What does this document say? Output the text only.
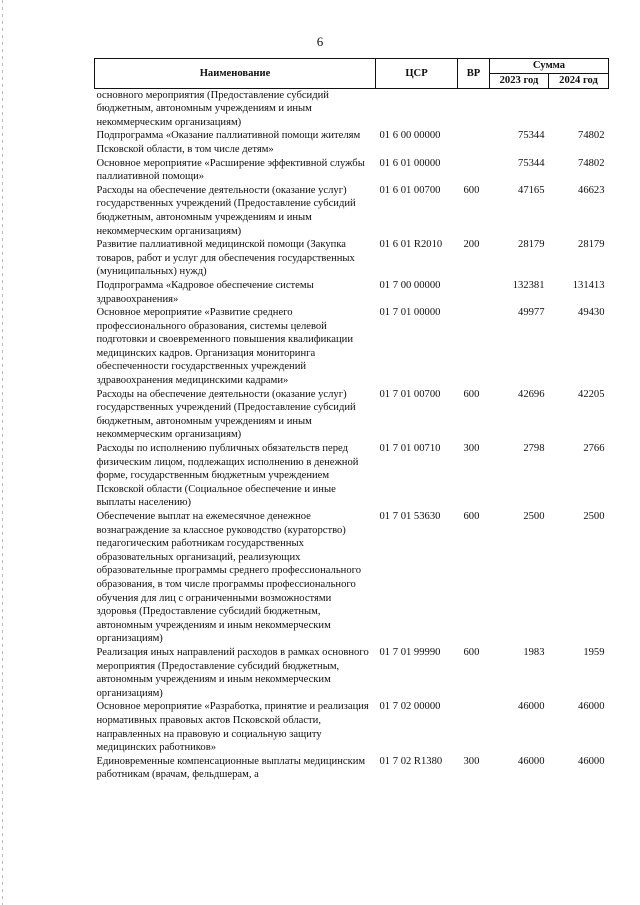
6
Наименование	ЦСР	ВР	Сумма	
			2023 год	2024 год
основного мероприятия (Предоставление субсидий бюджетным, автономным учреждениям и иным некоммерческим организациям)				
Подпрограмма «Оказание паллиативной помощи жителям Псковской области, в том числе детям»	01 6 00 00000		75344	74802
Основное мероприятие «Расширение эффективной службы паллиативной помощи»	01 6 01 00000		75344	74802
Расходы на обеспечение деятельности (оказание услуг) государственных учреждений (Предоставление субсидий бюджетным, автономным учреждениям и иным некоммерческим организациям)	01 6 01 00700	600	47165	46623
Развитие паллиативной медицинской помощи (Закупка товаров, работ и услуг для обеспечения государственных (муниципальных) нужд)	01 6 01 R2010	200	28179	28179
Подпрограмма «Кадровое обеспечение системы здравоохранения»	01 7 00 00000		132381	131413
Основное мероприятие «Развитие среднего профессионального образования, системы целевой подготовки и своевременного повышения квалификации медицинских кадров. Организация мониторинга обеспеченности государственных учреждений здравоохранения медицинскими кадрами»	01 7 01 00000		49977	49430
Расходы на обеспечение деятельности (оказание услуг) государственных учреждений (Предоставление субсидий бюджетным, автономным учреждениям и иным некоммерческим организациям)	01 7 01 00700	600	42696	42205
Расходы по исполнению публичных обязательств перед физическим лицом, подлежащих исполнению в денежной форме, государственным бюджетным учреждением Псковской области (Социальное обеспечение и иные выплаты населению)	01 7 01 00710	300	2798	2766
Обеспечение выплат на ежемесячное денежное вознаграждение за классное руководство (кураторство) педагогическим работникам государственных образовательных организаций, реализующих образовательные программы среднего профессионального образования, в том числе программы профессионального обучения для лиц с ограниченными возможностями здоровья (Предоставление субсидий бюджетным, автономным учреждениям и иным некоммерческим организациям)	01 7 01 53630	600	2500	2500
Реализация иных направлений расходов в рамках основного мероприятия (Предоставление субсидий бюджетным, автономным учреждениям и иным некоммерческим организациям)	01 7 01 99990	600	1983	1959
Основное мероприятие «Разработка, принятие и реализация нормативных правовых актов Псковской области, направленных на правовую и социальную защиту медицинских работников»	01 7 02 00000		46000	46000
Единовременные компенсационные выплаты медицинским работникам (врачам, фельдшерам, а	01 7 02 R1380	300	46000	46000
